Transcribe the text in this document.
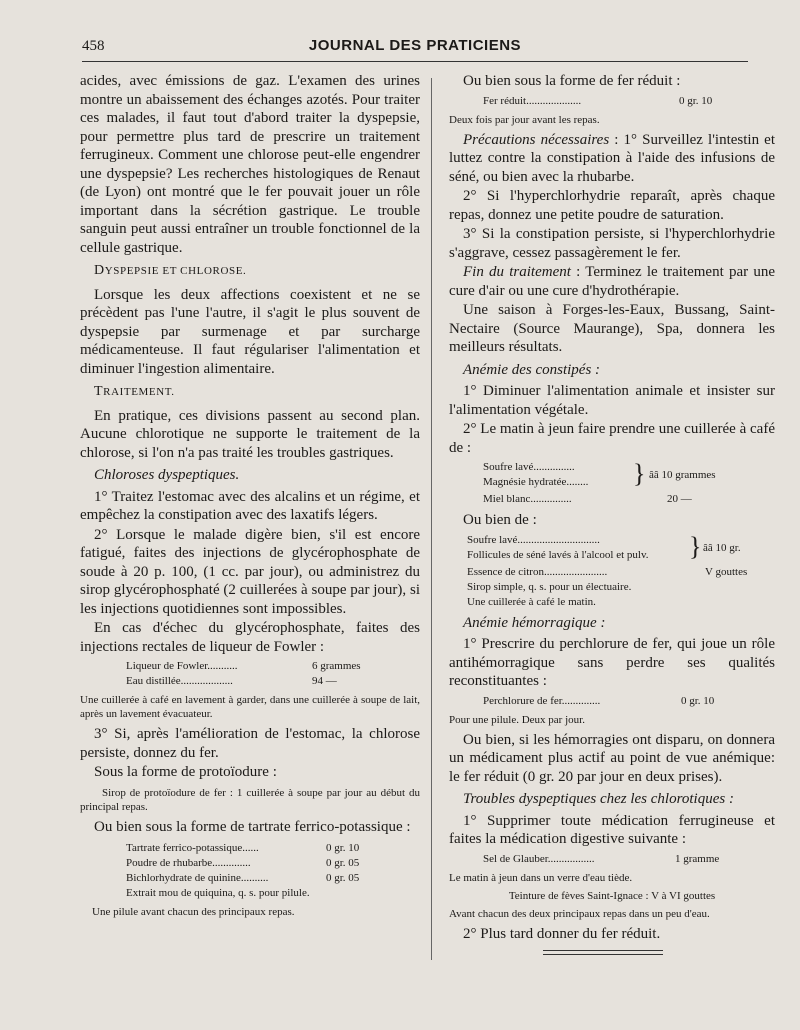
458	JOURNAL DES PRATICIENS

acides, avec émissions de gaz. L'examen des urines montre un abaissement des échanges azotés. Pour traiter ces malades, il faut tout d'abord traiter la dyspepsie, pour permettre plus tard de prescrire un traitement ferrugineux. Comment une chlorose peut-elle engendrer une dyspepsie? Les recherches histologiques de Renaut (de Lyon) ont montré que le fer pouvait jouer un rôle important dans la sécrétion gastrique. Le trouble sanguin peut aussi entraîner un trouble fonctionnel de la cellule gastrique.

DYSPEPSIE ET CHLOROSE.

Lorsque les deux affections coexistent et ne se précèdent pas l'une l'autre, il s'agit le plus souvent de dyspepsie par surmenage et par surcharge médicamenteuse. Il faut régulariser l'alimentation et diminuer l'ingestion alimentaire.

TRAITEMENT.

En pratique, ces divisions passent au second plan. Aucune chlorotique ne supporte le traitement de la chlorose, si l'on n'a pas traité les troubles gastriques.

Chloroses dyspeptiques.

1° Traitez l'estomac avec des alcalins et un régime, et empêchez la constipation avec des laxatifs légers.

2° Lorsque le malade digère bien, s'il est encore fatigué, faites des injections de glycérophosphate de soude à 20 p. 100, (1 cc. par jour), ou administrez du sirop glycérophosphaté (2 cuillerées à soupe par jour), si les injections quotidiennes sont impossibles.

En cas d'échec du glycérophosphate, faites des injections rectales de liqueur de Fowler :

Liqueur de Fowler...........	6 grammes
Eau distillée...................	94 —

Une cuillerée à café en lavement à garder, dans une cuillerée à soupe de lait, après un lavement évacuateur.

3° Si, après l'amélioration de l'estomac, la chlorose persiste, donnez du fer.

Sous la forme de protoïodure :

Sirop de protoïodure de fer : 1 cuillerée à soupe par jour au début du principal repas.

Ou bien sous la forme de tartrate ferrico-potassique :

Tartrate ferrico-potassique......	0 gr. 10
Poudre de rhubarbe..............	0 gr. 05
Bichlorhydrate de quinine..........	0 gr. 05
Extrait mou de quiquina, q. s. pour pilule.

Une pilule avant chacun des principaux repas.

Ou bien sous la forme de fer réduit :

Fer réduit....................	0 gr. 10

Deux fois par jour avant les repas.

Précautions nécessaires : 1° Surveillez l'intestin et luttez contre la constipation à l'aide des infusions de séné, ou bien avec la rhubarbe.

2° Si l'hyperchlorhydrie reparaît, après chaque repas, donnez une petite poudre de saturation.

3° Si la constipation persiste, si l'hyperchlorhydrie s'aggrave, cessez passagèrement le fer.

Fin du traitement : Terminez le traitement par une cure d'air ou une cure d'hydrothérapie.

Une saison à Forges-les-Eaux, Bussang, Saint-Nectaire (Source Maurange), Spa, donnera les meilleurs résultats.

Anémie des constipés :

1° Diminuer l'alimentation animale et insister sur l'alimentation végétale.

2° Le matin à jeun faire prendre une cuillerée à café de :

Soufre lavé...............
Magnésie hydratée........ } ââ 10 grammes
Miel blanc...............	20 —

Ou bien de :

Soufre lavé..............................
Follicules de séné lavés à l'alcool et pulv. } ââ 10 gr.
Essence de citron.......................	V gouttes
Sirop simple, q. s. pour un électuaire.
Une cuillerée à café le matin.
Anémie hémorragique :

1° Prescrire du perchlorure de fer, qui joue un rôle antihémorragique sans perdre ses qualités reconstituantes :

Perchlorure de fer..............	0 gr. 10

Pour une pilule. Deux par jour.

Ou bien, si les hémorragies ont disparu, on donnera un médicament plus actif au point de vue anémique: le fer réduit (0 gr. 20 par jour en deux prises).

Troubles dyspeptiques chez les chlorotiques :

1° Supprimer toute médication ferrugineuse et faites la médication digestive suivante :

Sel de Glauber.................	1 gramme

Le matin à jeun dans un verre d'eau tiède.

Teinture de fèves Saint-Ignace : V à VI gouttes

Avant chacun des deux principaux repas dans un peu d'eau.

2° Plus tard donner du fer réduit.
